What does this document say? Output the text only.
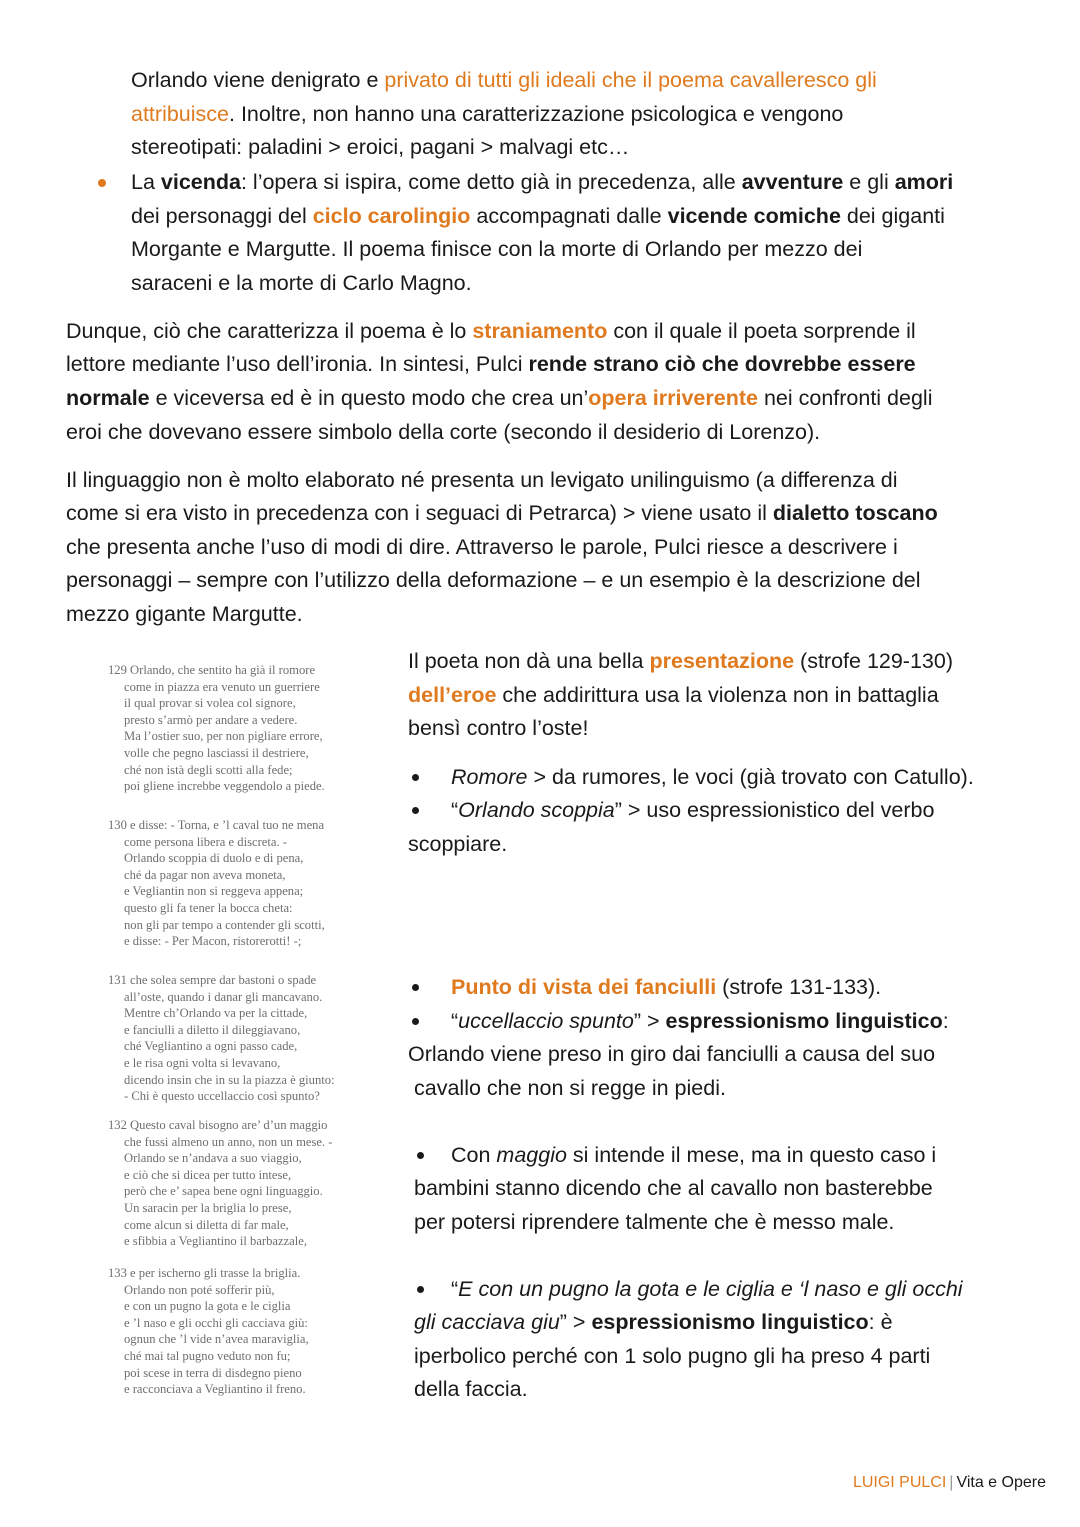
Orlando viene denigrato e privato di tutti gli ideali che il poema cavalleresco gli

attribuisce. Inoltre, non hanno una caratterizzazione psicologica e vengono

stereotipati: paladini > eroici, pagani > malvagi etc…

La vicenda: l’opera si ispira, come detto già in precedenza, alle avventure e gli amori

dei personaggi del ciclo carolingio accompagnati dalle vicende comiche dei giganti

Morgante e Margutte. Il poema finisce con la morte di Orlando per mezzo dei

saraceni e la morte di Carlo Magno.

Dunque, ciò che caratterizza il poema è lo straniamento con il quale il poeta sorprende il

lettore mediante l’uso dell’ironia. In sintesi, Pulci rende strano ciò che dovrebbe essere

normale e viceversa ed è in questo modo che crea un’opera irriverente nei confronti degli

eroi che dovevano essere simbolo della corte (secondo il desiderio di Lorenzo).

Il linguaggio non è molto elaborato né presenta un levigato unilinguismo (a differenza di

come si era visto in precedenza con i seguaci di Petrarca) > viene usato il dialetto toscano

che presenta anche l’uso di modi di dire. Attraverso le parole, Pulci riesce a descrivere i

personaggi – sempre con l’utilizzo della deformazione – e un esempio è la descrizione del

mezzo gigante Margutte.

129 Orlando, che sentito ha già il romore
come in piazza era venuto un guerriere
il qual provar si volea col signore,
presto s’armò per andare a vedere.
Ma l’ostier suo, per non pigliare errore,
volle che pegno lasciassi il destriere,
ché non istà degli scotti alla fede;
poi gliene increbbe veggendolo a piede.
130 e disse: - Torna, e ’l caval tuo ne mena
come persona libera e discreta. -
Orlando scoppia di duolo e di pena,
ché da pagar non aveva moneta,
e Vegliantin non si reggeva appena;
questo gli fa tener la bocca cheta:
non gli par tempo a contender gli scotti,
e disse: - Per Macon, ristorerotti! -;
131 che solea sempre dar bastoni o spade
all’oste, quando i danar gli mancavano.
Mentre ch’Orlando va per la cittade,
e fanciulli a diletto il dileggiavano,
ché Vegliantino a ogni passo cade,
e le risa ogni volta si levavano,
dicendo insin che in su la piazza è giunto:
- Chi è questo uccellaccio così spunto?
132 Questo caval bisogno are’ d’un maggio
che fussi almeno un anno, non un mese. -
Orlando se n’andava a suo viaggio,
e ciò che si dicea per tutto intese,
però che e’ sapea bene ogni linguaggio.
Un saracin per la briglia lo prese,
come alcun si diletta di far male,
e sfibbia a Vegliantino il barbazzale,
133 e per ischerno gli trasse la briglia.
Orlando non poté sofferir più,
e con un pugno la gota e le ciglia
e ’l naso e gli occhi gli cacciava giù:
ognun che ’l vide n’avea maraviglia,
ché mai tal pugno veduto non fu;
poi scese in terra di disdegno pieno
e racconciava a Vegliantino il freno.

Il poeta non dà una bella presentazione (strofe 129-130)

dell’eroe che addirittura usa la violenza non in battaglia

bensì contro l’oste!

Romore > da rumores, le voci (già trovato con Catullo).

“Orlando scoppia” > uso espressionistico del verbo

scoppiare.

Punto di vista dei fanciulli (strofe 131-133).

“uccellaccio spunto” > espressionismo linguistico:

Orlando viene preso in giro dai fanciulli a causa del suo

cavallo che non si regge in piedi.

Con maggio si intende il mese, ma in questo caso i

bambini stanno dicendo che al cavallo non basterebbe

per potersi riprendere talmente che è messo male.

“E con un pugno la gota e le ciglia e ‘l naso e gli occhi

gli cacciava giu” > espressionismo linguistico: è

iperbolico perché con 1 solo pugno gli ha preso 4 parti

della faccia.

LUIGI PULCI | Vita e Opere
